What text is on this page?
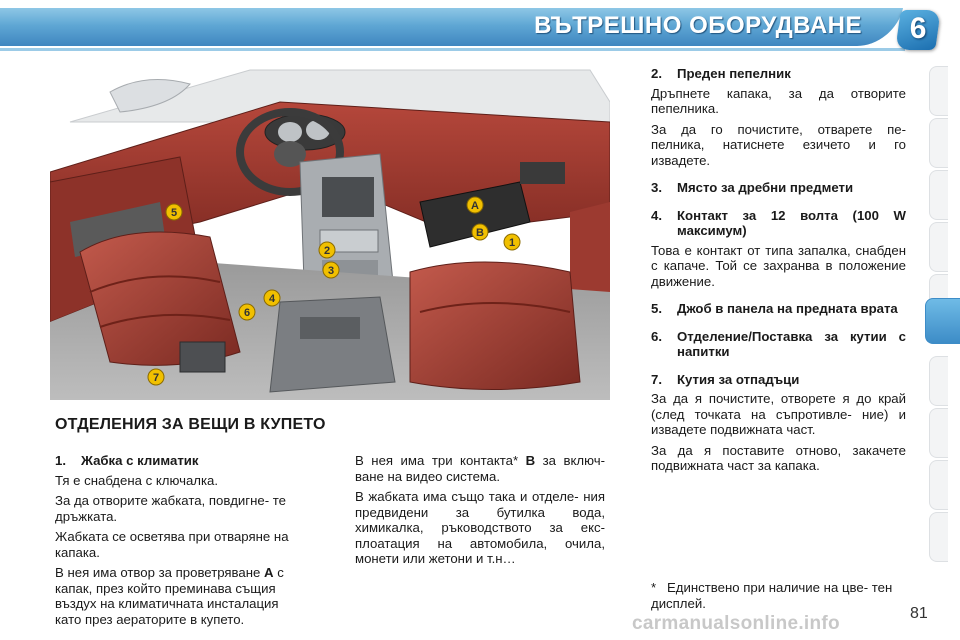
ВЪТРЕШНО ОБОРУДВАНЕ	6
1
2
3
4
5
6
7
A
B
ОТДЕЛЕНИЯ ЗА ВЕЩИ В КУПЕТО
1.	Жабка с климатик

Тя е снабдена с ключалка.

За да отворите жабката, повдигне- те дръжката.

Жабката се осветява при отваряне на капака.

В нея има отвор за проветряване A с капак, през който преминава същия въздух на климатичната инсталация като през аераторите в купето.

В нея има три контакта* B за включ- ване на видео система.

В жабката има също така и отделе- ния предвидени за бутилка вода, химикалка, ръководството за екс- плоатация на автомобила, очила, монети или жетони и т.н…

2.	Преден пепелник

Дръпнете капака, за да отворите пепелника.

За да го почистите, отварете пе- пелника, натиснете езичето и го извадете.

3.	Място за дребни предмети
4.	Контакт за 12 волта (100 W максимум)

Това е контакт от типа запалка, снабден с капаче. Той се захранва в положение движение.

5.	Джоб в панела на предната врата
6.	Отделение/Поставка за кутии с напитки
7.	Кутия за отпадъци

За да я почистите, отворете я до край (след точката на съпротивле- ние) и извадете подвижната част.

За да я поставите отново, закачете подвижната част за капака.

* Единствено при наличие на цве- тен дисплей.
carmanualsonline.info	81
